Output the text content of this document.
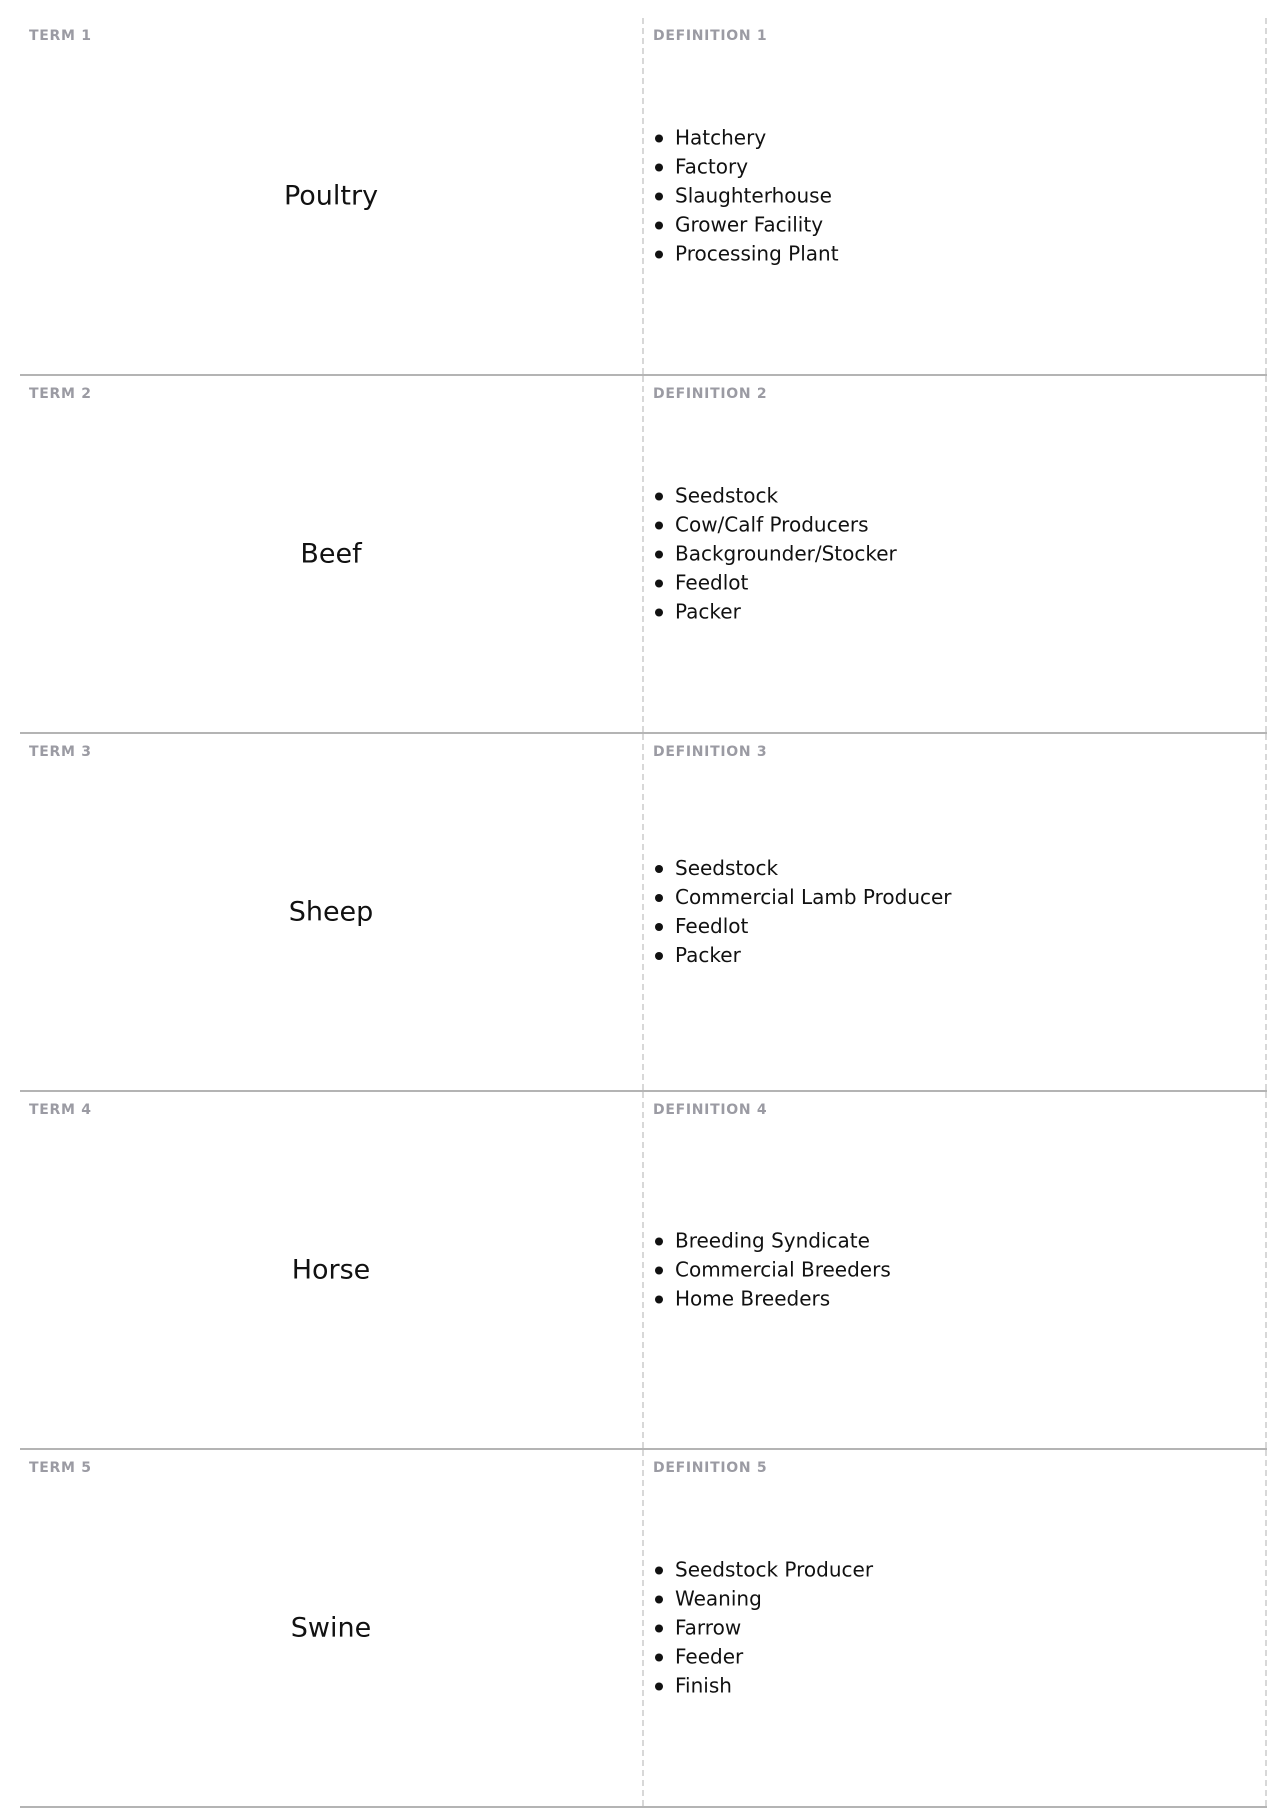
TERM 1
Poultry
DEFINITION 1
Hatchery
Factory
Slaughterhouse
Grower Facility
Processing Plant
TERM 2
Beef
DEFINITION 2
Seedstock
Cow/Calf Producers
Backgrounder/Stocker
Feedlot
Packer
TERM 3
Sheep
DEFINITION 3
Seedstock
Commercial Lamb Producer
Feedlot
Packer
TERM 4
Horse
DEFINITION 4
Breeding Syndicate
Commercial Breeders
Home Breeders
TERM 5
Swine
DEFINITION 5
Seedstock Producer
Weaning
Farrow
Feeder
Finish
